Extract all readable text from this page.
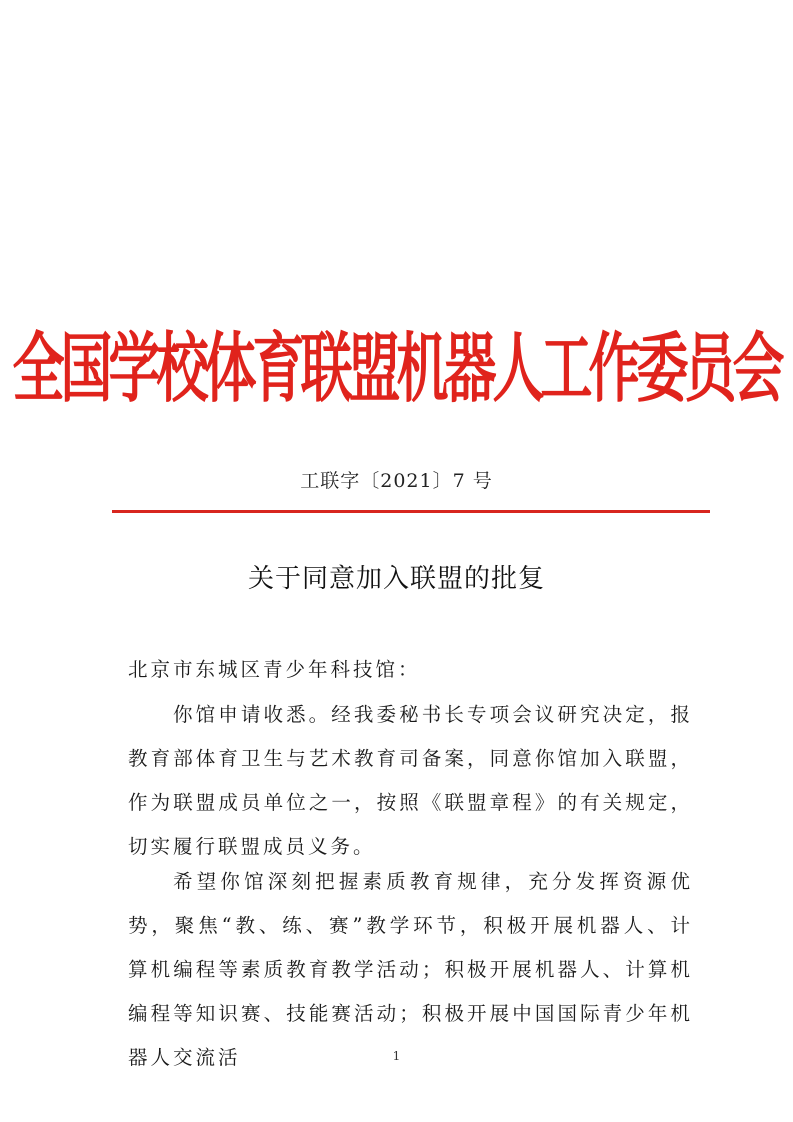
全国学校体育联盟机器人工作委员会
工联字〔2021〕7 号
关于同意加入联盟的批复
北京市东城区青少年科技馆：
你馆申请收悉。经我委秘书长专项会议研究决定，报教育部体育卫生与艺术教育司备案，同意你馆加入联盟，作为联盟成员单位之一，按照《联盟章程》的有关规定，切实履行联盟成员义务。
希望你馆深刻把握素质教育规律，充分发挥资源优势，聚焦“教、练、赛”教学环节，积极开展机器人、计算机编程等素质教育教学活动；积极开展机器人、计算机编程等知识赛、技能赛活动；积极开展中国国际青少年机器人交流活	1
